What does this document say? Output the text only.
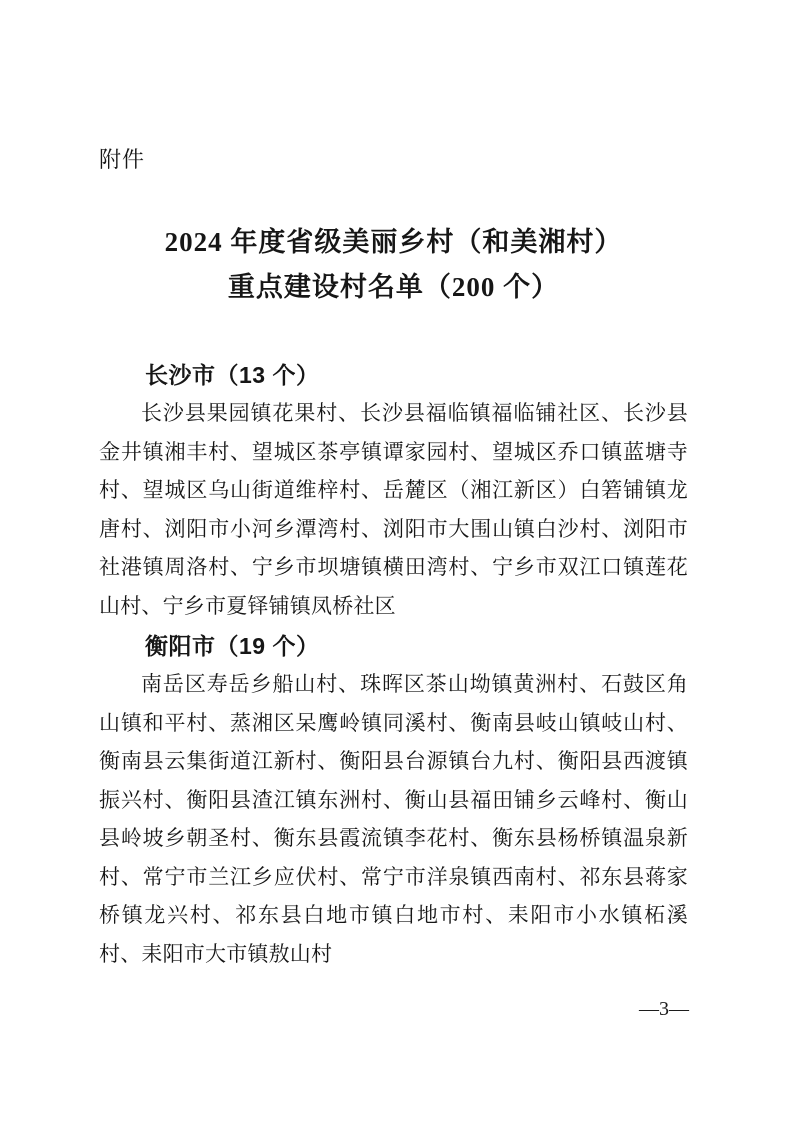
附件
2024 年度省级美丽乡村（和美湘村）
重点建设村名单（200 个）
长沙市（13 个）

长沙县果园镇花果村、长沙县福临镇福临铺社区、长沙县金井镇湘丰村、望城区茶亭镇谭家园村、望城区乔口镇蓝塘寺村、望城区乌山街道维梓村、岳麓区（湘江新区）白箬铺镇龙唐村、浏阳市小河乡潭湾村、浏阳市大围山镇白沙村、浏阳市社港镇周洛村、宁乡市坝塘镇横田湾村、宁乡市双江口镇莲花山村、宁乡市夏铎铺镇凤桥社区

衡阳市（19 个）

南岳区寿岳乡船山村、珠晖区茶山坳镇黄洲村、石鼓区角山镇和平村、蒸湘区呆鹰岭镇同溪村、衡南县岐山镇岐山村、衡南县云集街道江新村、衡阳县台源镇台九村、衡阳县西渡镇振兴村、衡阳县渣江镇东洲村、衡山县福田铺乡云峰村、衡山县岭坡乡朝圣村、衡东县霞流镇李花村、衡东县杨桥镇温泉新村、常宁市兰江乡应伏村、常宁市洋泉镇西南村、祁东县蒋家桥镇龙兴村、祁东县白地市镇白地市村、耒阳市小水镇柘溪村、耒阳市大市镇敖山村

—3—
